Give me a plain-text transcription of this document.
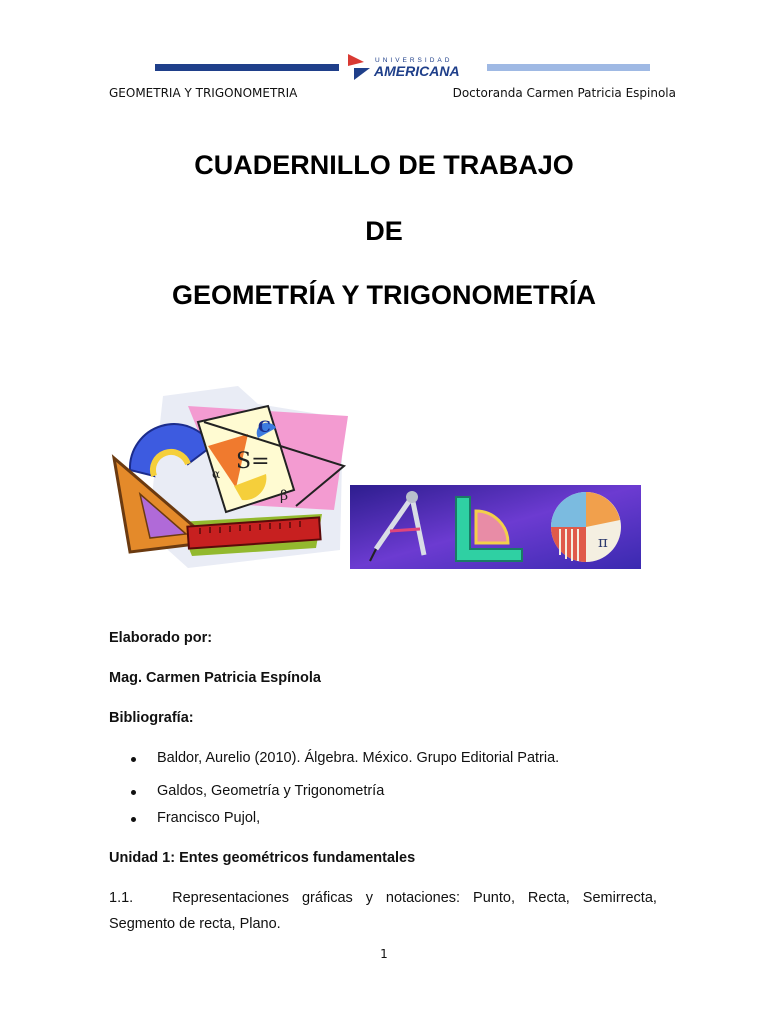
UNIVERSIDAD
AMERICANA
GEOMETRIA Y TRIGONOMETRIA	Doctoranda Carmen Patricia Espinola
CUADERNILLO DE TRABAJO
DE
GEOMETRÍA Y TRIGONOMETRÍA
C
S=
α
β
π
Elaborado por:
Mag. Carmen Patricia Espínola
Bibliografía:
Baldor, Aurelio (2010). Álgebra. México. Grupo Editorial Patria.
Galdos, Geometría y Trigonometría
Francisco Pujol,
Unidad 1: Entes geométricos fundamentales
1.1.	Representaciones gráficas y notaciones: Punto, Recta, Semirrecta,
Segmento de recta, Plano.
1
